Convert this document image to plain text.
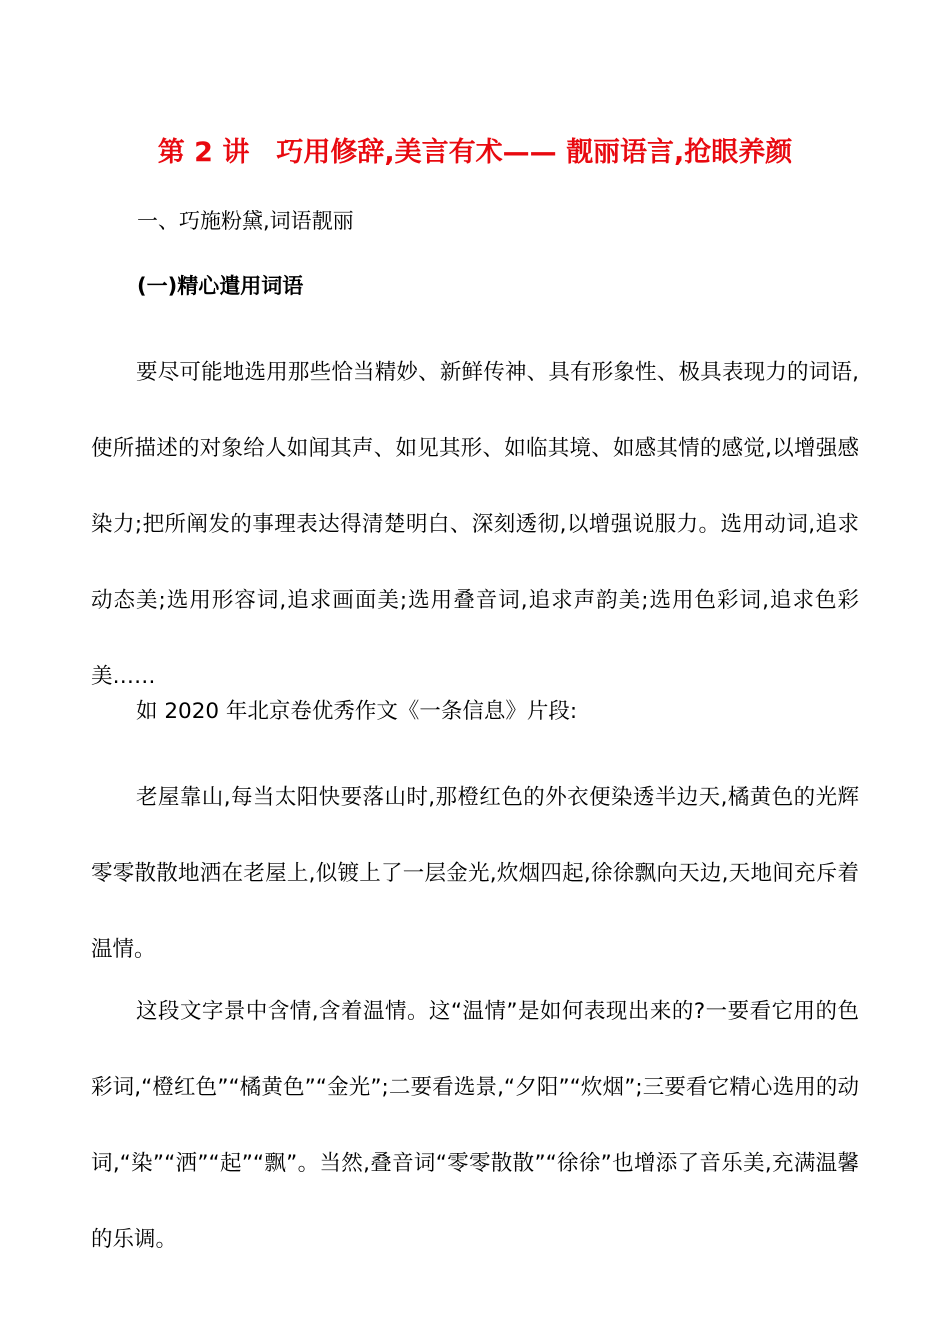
第 2 讲　巧用修辞,美言有术—— 靓丽语言,抢眼养颜
一、巧施粉黛,词语靓丽
(一)精心遣用词语

要尽可能地选用那些恰当精妙、新鲜传神、具有形象性、极具表现力的词语,使所描述的对象给人如闻其声、如见其形、如临其境、如感其情的感觉,以增强感染力;把所阐发的事理表达得清楚明白、深刻透彻,以增强说服力。选用动词,追求动态美;选用形容词,追求画面美;选用叠音词,追求声韵美;选用色彩词,追求色彩美……

如 2020 年北京卷优秀作文《一条信息》片段:

老屋靠山,每当太阳快要落山时,那橙红色的外衣便染透半边天,橘黄色的光辉零零散散地洒在老屋上,似镀上了一层金光,炊烟四起,徐徐飘向天边,天地间充斥着温情。

这段文字景中含情,含着温情。这“温情”是如何表现出来的?一要看它用的色彩词,“橙红色”“橘黄色”“金光”;二要看选景,“夕阳”“炊烟”;三要看它精心选用的动词,“染”“洒”“起”“飘”。当然,叠音词“零零散散”“徐徐”也增添了音乐美,充满温馨的乐调。
